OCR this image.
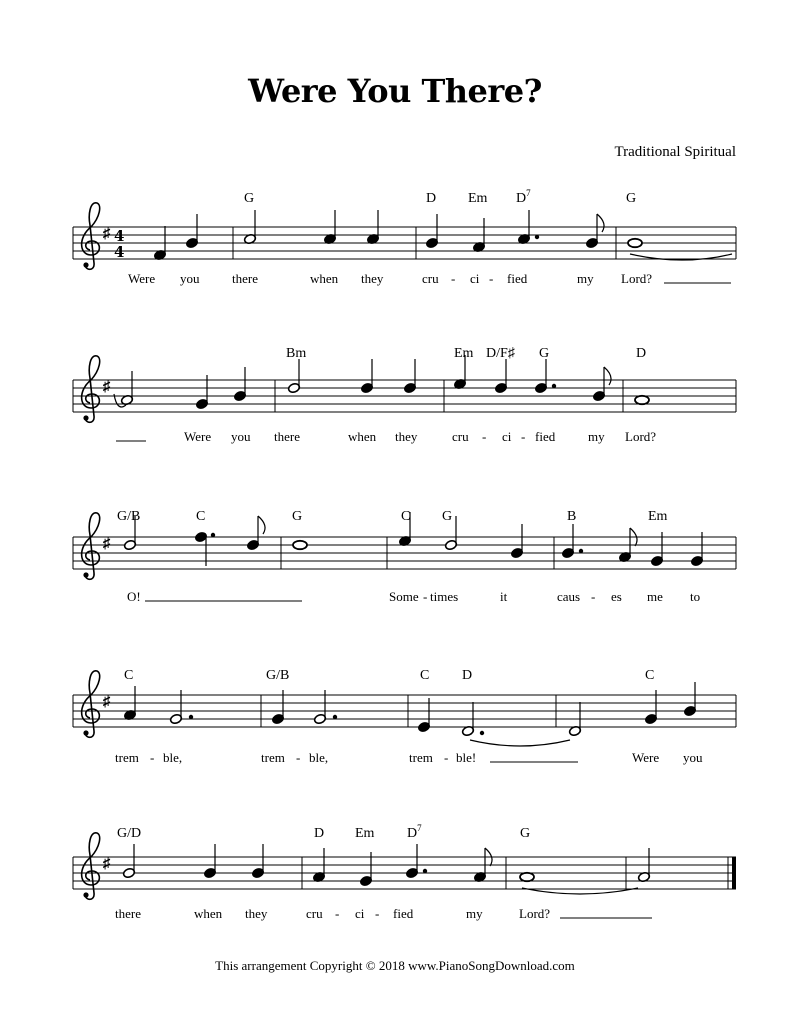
Were You There?
Traditional Spiritual
♯ 4
4
G	D Em $D^7$	G
Were you	there	when they	cru - ci - fied	my Lord?
♯
Bm	Em D/F♯ G	D
Were you there	when they	cru - ci - fied	my Lord?
♯
G/B	C	G	C G	B	Em
O!	Some - times	it	caus - es me to
♯
C	G/B	C D	C
trem - ble,	trem - ble,	trem - ble!	Were you
♯
G/D	D Em $D^7$	G
there	when they	cru - ci - fied	my	Lord?
This arrangement Copyright © 2018 www.PianoSongDownload.com
